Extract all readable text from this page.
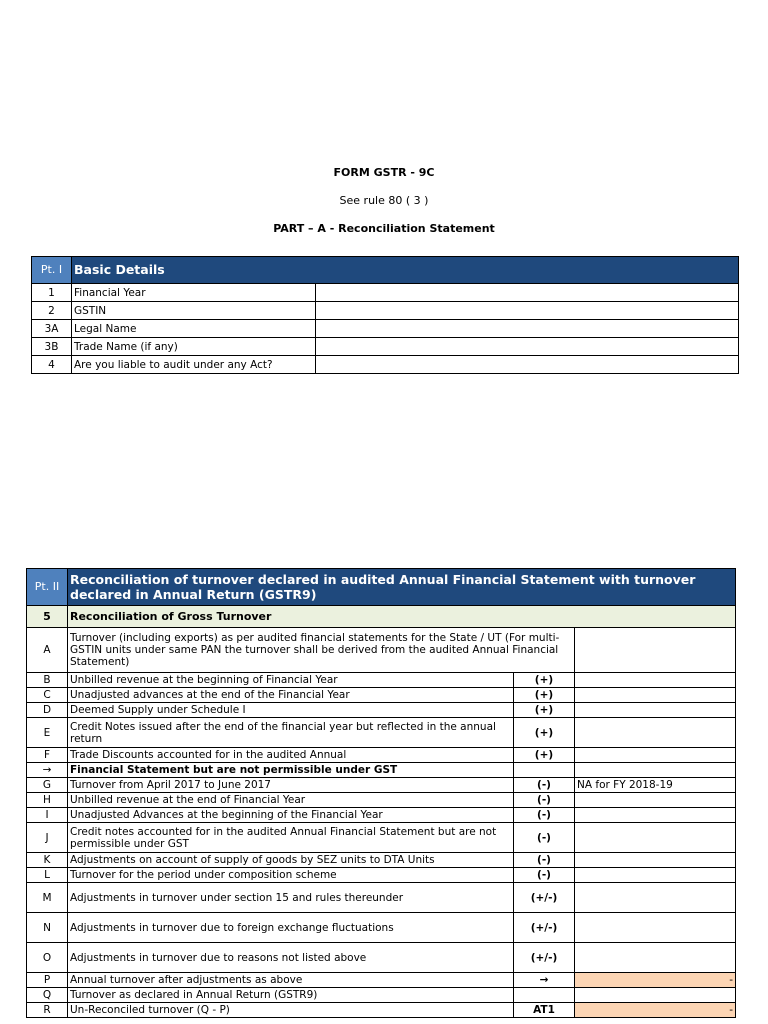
FORM GSTR - 9C
See rule 80 ( 3 )
PART – A - Reconciliation Statement
Pt. I	Basic Details	
1	Financial Year	
2	GSTIN	
3A	Legal Name	
3B	Trade Name (if any)	
4	Are you liable to audit under any Act?	
Pt. II	Reconciliation of turnover declared in audited Annual Financial Statement with turnover declared in Annual Return (GSTR9)		
5	Reconciliation of Gross Turnover		
A	Turnover (including exports) as per audited financial statements for the State / UT (For multi-GSTIN units under same PAN the turnover shall be derived from the audited Annual Financial Statement)		
B	Unbilled revenue at the beginning of Financial Year	(+)	
C	Unadjusted advances at the end of the Financial Year	(+)	
D	Deemed Supply under Schedule I	(+)	
E	Credit Notes issued after the end of the financial year but reflected in the annual return	(+)	
F	Trade Discounts accounted for in the audited Annual	(+)	
→	Financial Statement but are not permissible under GST		
G	Turnover from April 2017 to June 2017	(-)	NA for FY 2018-19
H	Unbilled revenue at the end of Financial Year	(-)	
I	Unadjusted Advances at the beginning of the Financial Year	(-)	
J	Credit notes accounted for in the audited Annual Financial Statement but are not permissible under GST	(-)	
K	Adjustments on account of supply of goods by SEZ units to DTA Units	(-)	
L	Turnover for the period under composition scheme	(-)	
M	Adjustments in turnover under section 15 and rules thereunder	(+/-)	
N	Adjustments in turnover due to foreign exchange fluctuations	(+/-)	
O	Adjustments in turnover due to reasons not listed above	(+/-)	
P	Annual turnover after adjustments as above	→	-
Q	Turnover as declared in Annual Return (GSTR9)		
R	Un-Reconciled turnover (Q - P)	AT1	-
